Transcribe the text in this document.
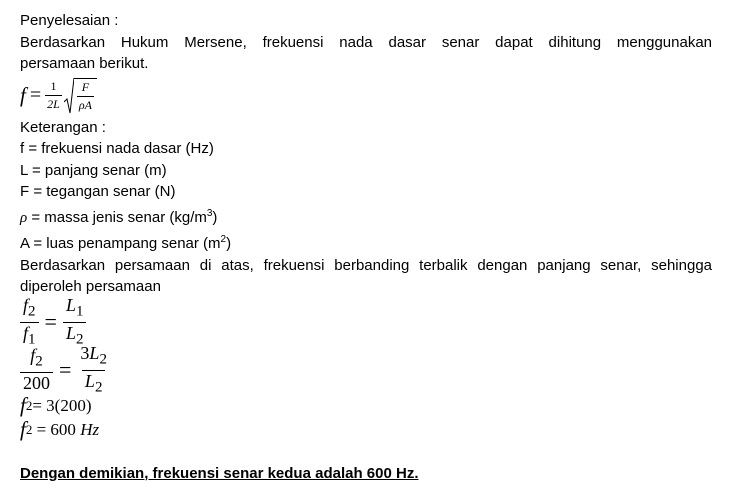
Penyelesaian :
Berdasarkan Hukum Mersene, frekuensi nada dasar senar dapat dihitung menggunakan
persamaan berikut.
$f = \frac{1}{2L} \frac{F}{\rho A}$
Keterangan :
f = frekuensi nada dasar (Hz)
L = panjang senar (m)
F = tegangan senar (N)
ρ = massa jenis senar $(kg/m^3)$
A = luas penampang senar $(m^2)$
Berdasarkan persamaan di atas, frekuensi berbanding terbalik dengan panjang senar, sehingga
diperoleh persamaan
$\frac{f_2}{f_1} = \frac{L_1}{L_2}$
$\frac{f_2}{200} = \frac{3L_2}{L_2}$
f 2 = 3(200)
f 2 = 600 Hz
Dengan demikian, frekuensi senar kedua adalah 600 Hz.
